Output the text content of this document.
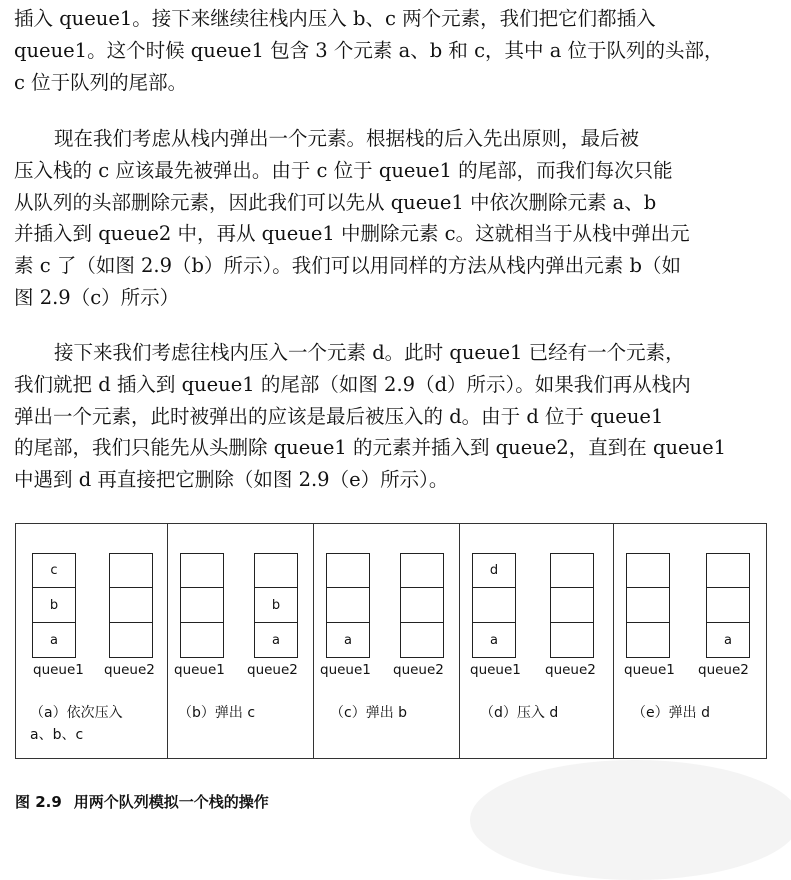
插入 queue1。接下来继续往栈内压入 b、c 两个元素，我们把它们都插入
queue1。这个时候 queue1 包含 3 个元素 a、b 和 c，其中 a 位于队列的头部，
c 位于队列的尾部。
现在我们考虑从栈内弹出一个元素。根据栈的后入先出原则，最后被
压入栈的 c 应该最先被弹出。由于 c 位于 queue1 的尾部，而我们每次只能
从队列的头部删除元素，因此我们可以先从 queue1 中依次删除元素 a、b
并插入到 queue2 中，再从 queue1 中删除元素 c。这就相当于从栈中弹出元
素 c 了（如图 2.9（b）所示）。我们可以用同样的方法从栈内弹出元素 b（如
图 2.9（c）所示）
接下来我们考虑往栈内压入一个元素 d。此时 queue1 已经有一个元素，
我们就把 d 插入到 queue1 的尾部（如图 2.9（d）所示）。如果我们再从栈内
弹出一个元素，此时被弹出的应该是最后被压入的 d。由于 d 位于 queue1
的尾部，我们只能先从头删除 queue1 的元素并插入到 queue2，直到在 queue1
中遇到 d 再直接把它删除（如图 2.9（e）所示）。
c
b
a
queue1 queue2
（a）依次压入
a、b、c
b
a
queue1 queue2
（b）弹出 c
a
queue1 queue2
（c）弹出 b
d
a
queue1 queue2
（d）压入 d
a
queue1 queue2
（e）弹出 d
图 2.9 用两个队列模拟一个栈的操作
